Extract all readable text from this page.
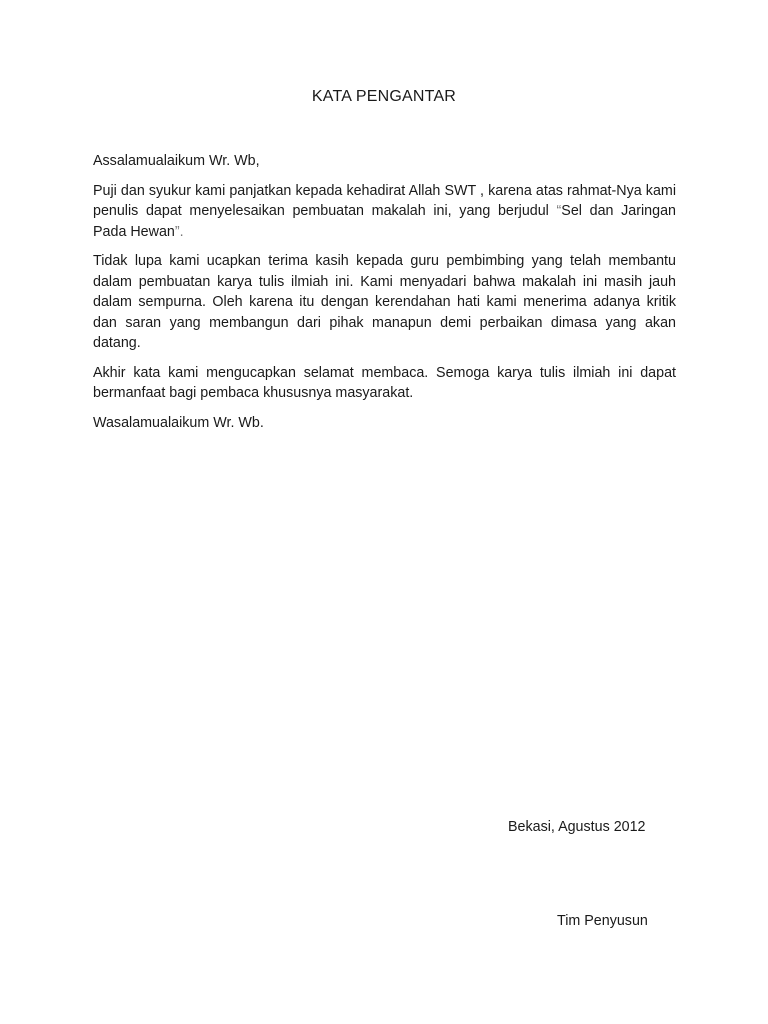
KATA PENGANTAR

Assalamualaikum Wr. Wb,

Puji dan syukur kami panjatkan kepada kehadirat Allah SWT , karena atas rahmat-Nya kami penulis dapat menyelesaikan pembuatan makalah ini, yang berjudul “Sel dan Jaringan Pada Hewan”.

Tidak lupa kami ucapkan terima kasih kepada guru pembimbing yang telah membantu dalam pembuatan karya tulis ilmiah ini. Kami menyadari bahwa makalah ini masih jauh dalam sempurna. Oleh karena itu dengan kerendahan hati kami menerima adanya kritik dan saran yang membangun dari pihak manapun demi perbaikan dimasa yang akan datang.

Akhir kata kami mengucapkan selamat membaca. Semoga karya tulis ilmiah ini dapat bermanfaat bagi pembaca khususnya masyarakat.

Wasalamualaikum Wr. Wb.

Bekasi, Agustus 2012
Tim Penyusun
